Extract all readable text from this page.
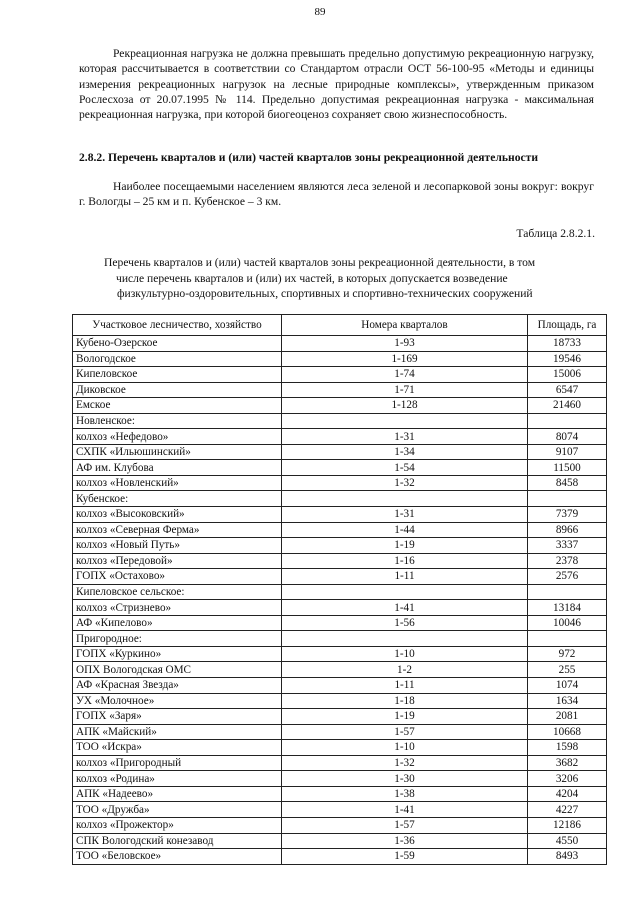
89

Рекреационная нагрузка не должна превышать предельно допустимую рекреационную нагрузку, которая рассчитывается в соответствии со Стандартом отрасли ОСТ 56-100-95 «Методы и единицы измерения рекреационных нагрузок на лесные природные комплексы», утвержденным приказом Рослесхоза от 20.07.1995 № 114. Предельно допустимая рекреационная нагрузка - максимальная рекреационная нагрузка, при которой биогеоценоз сохраняет свою жизнеспособность.

2.8.2. Перечень кварталов и (или) частей кварталов зоны рекреационной деятельности

Наиболее посещаемыми населением являются леса зеленой и лесопарковой зоны вокруг: вокруг г. Вологды – 25 км и п. Кубенское – 3 км.

Таблица 2.8.2.1.

Перечень кварталов и (или) частей кварталов зоны рекреационной деятельности, в том
числе перечень кварталов и (или) их частей, в которых допускается возведение
физкультурно-оздоровительных, спортивных и спортивно-технических сооружений

Участковое лесничество, хозяйство	Номера кварталов	Площадь, га
Кубено-Озерское	1-93	18733
Вологодское	1-169	19546
Кипеловское	1-74	15006
Диковское	1-71	6547
Емское	1-128	21460
Новленское:		
колхоз «Нефедово»	1-31	8074
СХПК «Ильюшинский»	1-34	9107
АФ им. Клубова	1-54	11500
колхоз «Новленский»	1-32	8458
Кубенское:		
колхоз «Высоковский»	1-31	7379
колхоз «Северная Ферма»	1-44	8966
колхоз «Новый Путь»	1-19	3337
колхоз «Передовой»	1-16	2378
ГОПХ «Остахово»	1-11	2576
Кипеловское сельское:		
колхоз «Стризнево»	1-41	13184
АФ «Кипелово»	1-56	10046
Пригородное:		
ГОПХ «Куркино»	1-10	972
ОПХ Вологодская ОМС	1-2	255
АФ «Красная Звезда»	1-11	1074
УХ «Молочное»	1-18	1634
ГОПХ «Заря»	1-19	2081
АПК «Майский»	1-57	10668
ТОО «Искра»	1-10	1598
колхоз «Пригородный	1-32	3682
колхоз «Родина»	1-30	3206
АПК «Надеево»	1-38	4204
ТОО «Дружба»	1-41	4227
колхоз «Прожектор»	1-57	12186
СПК Вологодский конезавод	1-36	4550
ТОО «Беловское»	1-59	8493
